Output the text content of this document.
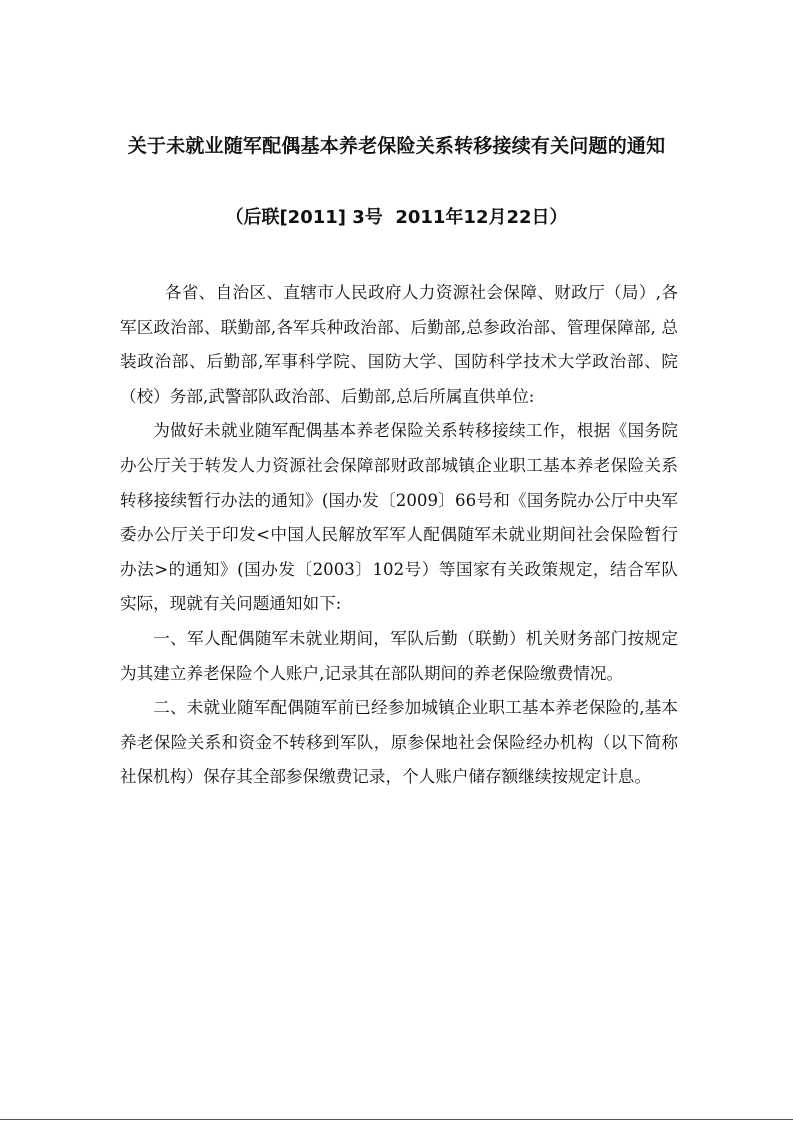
关于未就业随军配偶基本养老保险关系转移接续有关问题的通知
（后联[2011] 3号  2011年12月22日）

各省、自治区、直辖市人民政府人力资源社会保障、财政厅（局）,各军区政治部、联勤部,各军兵种政治部、后勤部,总参政治部、管理保障部, 总装政治部、后勤部,军事科学院、国防大学、国防科学技术大学政治部、院（校）务部,武警部队政治部、后勤部,总后所属直供单位:

为做好未就业随军配偶基本养老保险关系转移接续工作，根据《国务院办公厅关于转发人力资源社会保障部财政部城镇企业职工基本养老保险关系转移接续暂行办法的通知》(国办发〔2009〕66号和《国务院办公厅中央军委办公厅关于印发<中国人民解放军军人配偶随军未就业期间社会保险暂行办法>的通知》(国办发〔2003〕102号）等国家有关政策规定，结合军队实际，现就有关问题通知如下:

一、军人配偶随军未就业期间，军队后勤（联勤）机关财务部门按规定为其建立养老保险个人账户,记录其在部队期间的养老保险缴费情况。

二、未就业随军配偶随军前已经参加城镇企业职工基本养老保险的,基本养老保险关系和资金不转移到军队，原参保地社会保险经办机构（以下简称社保机构）保存其全部参保缴费记录，个人账户储存额继续按规定计息。
